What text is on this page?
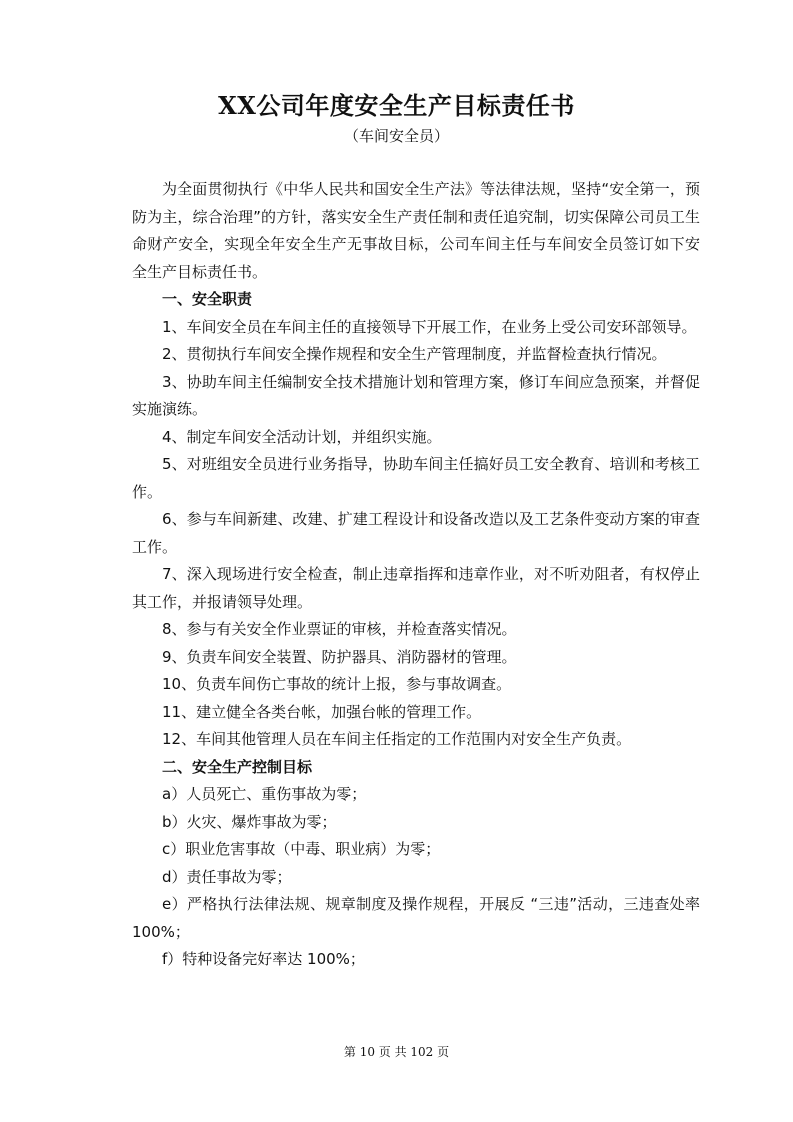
XX公司年度安全生产目标责任书

（车间安全员）

为全面贯彻执行《中华人民共和国安全生产法》等法律法规，坚持“安全第一，预防为主，综合治理”的方针，落实安全生产责任制和责任追究制，切实保障公司员工生命财产安全，实现全年安全生产无事故目标，公司车间主任与车间安全员签订如下安全生产目标责任书。

一、安全职责

1、车间安全员在车间主任的直接领导下开展工作，在业务上受公司安环部领导。

2、贯彻执行车间安全操作规程和安全生产管理制度，并监督检查执行情况。

3、协助车间主任编制安全技术措施计划和管理方案，修订车间应急预案，并督促实施演练。

4、制定车间安全活动计划，并组织实施。

5、对班组安全员进行业务指导，协助车间主任搞好员工安全教育、培训和考核工作。

6、参与车间新建、改建、扩建工程设计和设备改造以及工艺条件变动方案的审查工作。

7、深入现场进行安全检查，制止违章指挥和违章作业，对不听劝阻者，有权停止其工作，并报请领导处理。

8、参与有关安全作业票证的审核，并检查落实情况。

9、负责车间安全装置、防护器具、消防器材的管理。

10、负责车间伤亡事故的统计上报，参与事故调查。

11、建立健全各类台帐，加强台帐的管理工作。

12、车间其他管理人员在车间主任指定的工作范围内对安全生产负责。

二、安全生产控制目标

a）人员死亡、重伤事故为零；

b）火灾、爆炸事故为零；

c）职业危害事故（中毒、职业病）为零；

d）责任事故为零；

e）严格执行法律法规、规章制度及操作规程，开展反 “三违”活动，三违查处率 100%；

f）特种设备完好率达 100%；

第 10 页 共 102 页
